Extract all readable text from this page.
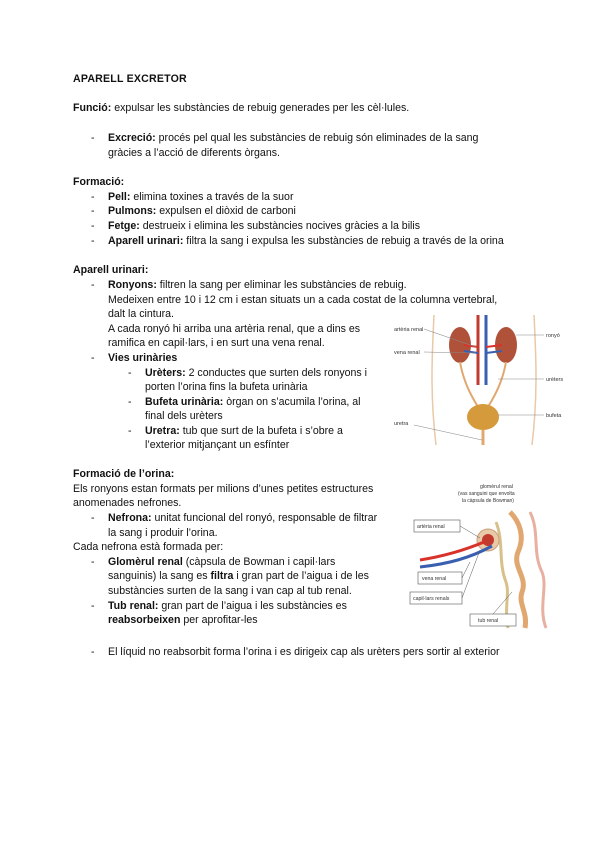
APARELL EXCRETOR
Funció: expulsar les substàncies de rebuig generades per les cèl·lules.
- Excreció: procés pel qual les substàncies de rebuig són eliminades de la sang
gràcies a l’acció de diferents òrgans.
Formació:
- Pell: elimina toxines a través de la suor
- Pulmons: expulsen el diòxid de carboni
- Fetge: destrueix i elimina les substàncies nocives gràcies a la bilis
- Aparell urinari: filtra la sang i expulsa les substàncies de rebuig a través de la orina
Aparell urinari:
- Ronyons: filtren la sang per eliminar les substàncies de rebuig.
Medeixen entre 10 i 12 cm i estan situats un a cada costat de la columna vertebral,
dalt la cintura.
A cada ronyó hi arriba una artèria renal, que a dins es
ramifica en capil·lars, i en surt una vena renal.
- Vies urinàries
- Urèters: 2 conductes que surten dels ronyons i
porten l’orina fins la bufeta urinària
- Bufeta urinària: òrgan on s’acumila l’orina, al
final dels urèters
- Uretra: tub que surt de la bufeta i s’obre a
l’exterior mitjançant un esfínter
artèria renal
vena renal
ronyó
urèters
bufeta
uretra
Formació de l’orina:
Els ronyons estan formats per milions d’unes petites estructures
anomenades nefrones.
- Nefrona: unitat funcional del ronyó, responsable de filtrar
la sang i produir l’orina.
Cada nefrona està formada per:
- Glomèrul renal (càpsula de Bowman i capil·lars
sanguinis) la sang es filtra i gran part de l’aigua i de les
substàncies surten de la sang i van cap al tub renal.
- Tub renal: gran part de l’aigua i les substàncies es
reabsorbeixen per aprofitar-les
- El líquid no reabsorbit forma l’orina i es dirigeix cap als urèters pers sortir al exterior
glomèrul renal
(vas sanguini que envolta
la càpsula de Bowman)
artèria renal
vena renal
capil·lars renals
tub renal
